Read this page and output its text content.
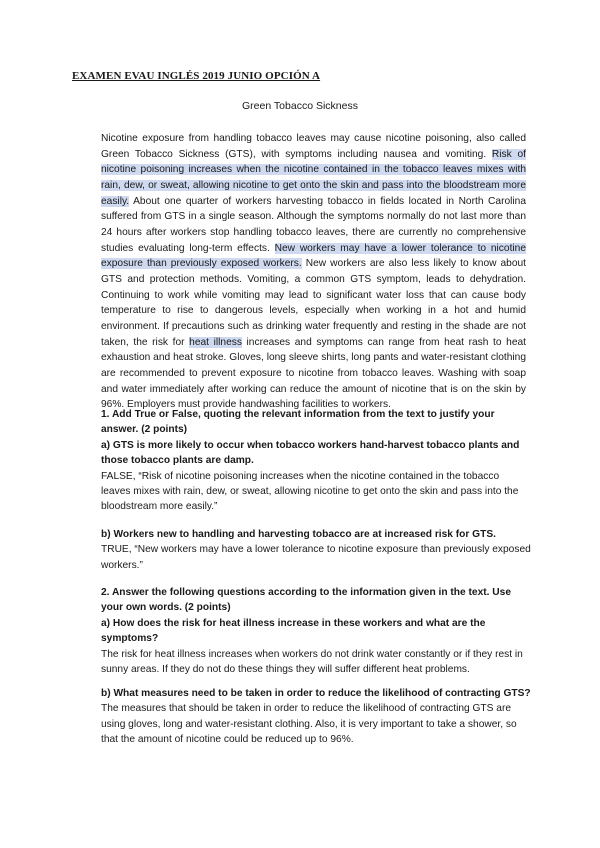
EXAMEN EVAU INGLÉS 2019 JUNIO OPCIÓN A
Green Tobacco Sickness

Nicotine exposure from handling tobacco leaves may cause nicotine poisoning, also called Green Tobacco Sickness (GTS), with symptoms including nausea and vomiting. Risk of nicotine poisoning increases when the nicotine contained in the tobacco leaves mixes with rain, dew, or sweat, allowing nicotine to get onto the skin and pass into the bloodstream more easily. About one quarter of workers harvesting tobacco in fields located in North Carolina suffered from GTS in a single season. Although the symptoms normally do not last more than 24 hours after workers stop handling tobacco leaves, there are currently no comprehensive studies evaluating long-term effects. New workers may have a lower tolerance to nicotine exposure than previously exposed workers. New workers are also less likely to know about GTS and protection methods. Vomiting, a common GTS symptom, leads to dehydration. Continuing to work while vomiting may lead to significant water loss that can cause body temperature to rise to dangerous levels, especially when working in a hot and humid environment. If precautions such as drinking water frequently and resting in the shade are not taken, the risk for heat illness increases and symptoms can range from heat rash to heat exhaustion and heat stroke. Gloves, long sleeve shirts, long pants and water-resistant clothing are recommended to prevent exposure to nicotine from tobacco leaves. Washing with soap and water immediately after working can reduce the amount of nicotine that is on the skin by 96%. Employers must provide handwashing facilities to workers.

1. Add True or False, quoting the relevant information from the text to justify your answer. (2 points)
a) GTS is more likely to occur when tobacco workers hand-harvest tobacco plants and those tobacco plants are damp.
FALSE, “Risk of nicotine poisoning increases when the nicotine contained in the tobacco leaves mixes with rain, dew, or sweat, allowing nicotine to get onto the skin and pass into the bloodstream more easily.”

b) Workers new to handling and harvesting tobacco are at increased risk for GTS.
TRUE, “New workers may have a lower tolerance to nicotine exposure than previously exposed workers.”

2. Answer the following questions according to the information given in the text. Use your own words. (2 points)
a) How does the risk for heat illness increase in these workers and what are the symptoms?
The risk for heat illness increases when workers do not drink water constantly or if they rest in sunny areas. If they do not do these things they will suffer different heat problems.

b) What measures need to be taken in order to reduce the likelihood of contracting GTS?
The measures that should be taken in order to reduce the likelihood of contracting GTS are using gloves, long and water-resistant clothing. Also, it is very important to take a shower, so that the amount of nicotine could be reduced up to 96%.
